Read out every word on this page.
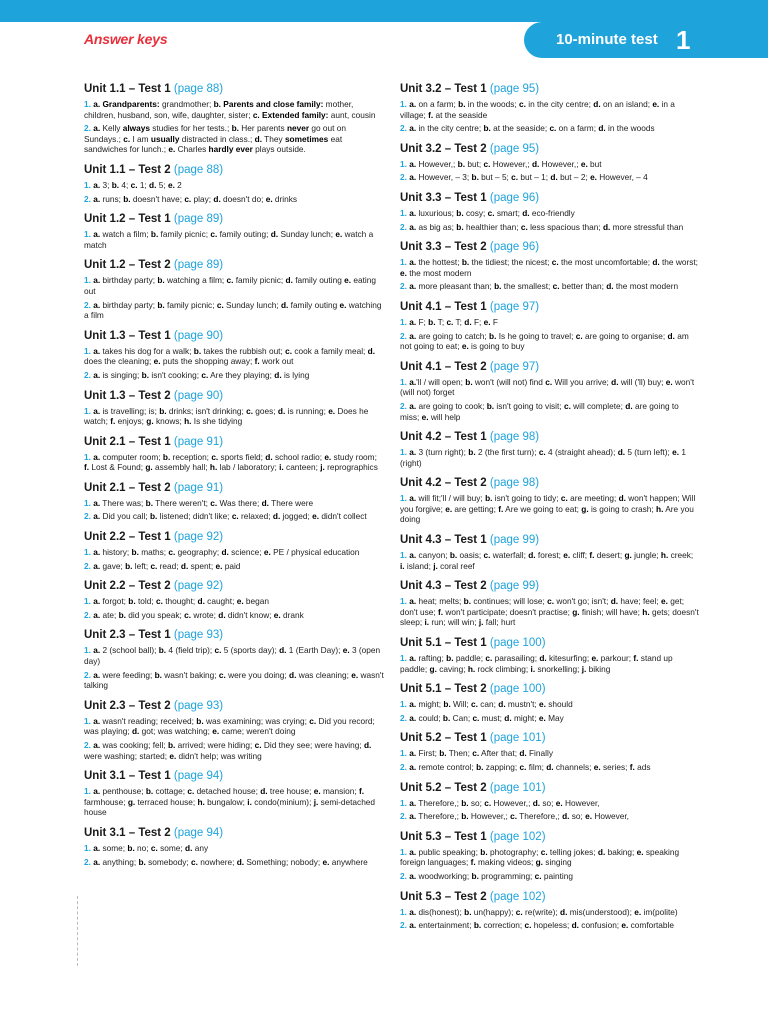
Answer keys	10-minute test 1
Unit 1.1 – Test 1 (page 88)

1. a. Grandparents: grandmother; b. Parents and close family: mother, children, husband, son, wife, daughter, sister; c. Extended family: aunt, cousin

2. a. Kelly always studies for her tests.; b. Her parents never go out on Sundays.; c. I am usually distracted in class.; d. They sometimes eat sandwiches for lunch.; e. Charles hardly ever plays outside.

Unit 1.1 – Test 2 (page 88)

1. a. 3; b. 4; c. 1; d. 5; e. 2

2. a. runs; b. doesn't have; c. play; d. doesn't do; e. drinks

Unit 1.2 – Test 1 (page 89)

1. a. watch a film; b. family picnic; c. family outing; d. Sunday lunch; e. watch a match

Unit 1.2 – Test 2 (page 89)

1. a. birthday party; b. watching a film; c. family picnic; d. family outing e. eating out

2. a. birthday party; b. family picnic; c. Sunday lunch; d. family outing e. watching a film

Unit 1.3 – Test 1 (page 90)

1. a. takes his dog for a walk; b. takes the rubbish out; c. cook a family meal; d. does the cleaning; e. puts the shopping away; f. work out

2. a. is singing; b. isn't cooking; c. Are they playing; d. is lying

Unit 1.3 – Test 2 (page 90)

1. a. is travelling; is; b. drinks; isn't drinking; c. goes; d. is running; e. Does he watch; f. enjoys; g. knows; h. Is she tidying

Unit 2.1 – Test 1 (page 91)

1. a. computer room; b. reception; c. sports field; d. school radio; e. study room; f. Lost & Found; g. assembly hall; h. lab / laboratory; i. canteen; j. reprographics

Unit 2.1 – Test 2 (page 91)

1. a. There was; b. There weren't; c. Was there; d. There were

2. a. Did you call; b. listened; didn't like; c. relaxed; d. jogged; e. didn't collect

Unit 2.2 – Test 1 (page 92)

1. a. history; b. maths; c. geography; d. science; e. PE / physical education

2. a. gave; b. left; c. read; d. spent; e. paid

Unit 2.2 – Test 2 (page 92)

1. a. forgot; b. told; c. thought; d. caught; e. began

2. a. ate; b. did you speak; c. wrote; d. didn't know; e. drank

Unit 2.3 – Test 1 (page 93)

1. a. 2 (school ball); b. 4 (field trip); c. 5 (sports day); d. 1 (Earth Day); e. 3 (open day)

2. a. were feeding; b. wasn't baking; c. were you doing; d. was cleaning; e. wasn't talking

Unit 2.3 – Test 2 (page 93)

1. a. wasn't reading; received; b. was examining; was crying; c. Did you record; was playing; d. got; was watching; e. came; weren't doing

2. a. was cooking; fell; b. arrived; were hiding; c. Did they see; were having; d. were washing; started; e. didn't help; was writing

Unit 3.1 – Test 1 (page 94)

1. a. penthouse; b. cottage; c. detached house; d. tree house; e. mansion; f. farmhouse; g. terraced house; h. bungalow; i. condo(minium); j. semi-detached house

Unit 3.1 – Test 2 (page 94)

1. a. some; b. no; c. some; d. any

2. a. anything; b. somebody; c. nowhere; d. Something; nobody; e. anywhere

Unit 3.2 – Test 1 (page 95)

1. a. on a farm; b. in the woods; c. in the city centre; d. on an island; e. in a village; f. at the seaside

2. a. in the city centre; b. at the seaside; c. on a farm; d. in the woods

Unit 3.2 – Test 2 (page 95)

1. a. However,; b. but; c. However,; d. However,; e. but

2. a. However, – 3; b. but – 5; c. but – 1; d. but – 2; e. However, – 4

Unit 3.3 – Test 1 (page 96)

1. a. luxurious; b. cosy; c. smart; d. eco-friendly

2. a. as big as; b. healthier than; c. less spacious than; d. more stressful than

Unit 3.3 – Test 2 (page 96)

1. a. the hottest; b. the tidiest; the nicest; c. the most uncomfortable; d. the worst; e. the most modern

2. a. more pleasant than; b. the smallest; c. better than; d. the most modern

Unit 4.1 – Test 1 (page 97)

1. a. F; b. T; c. T; d. F; e. F

2. a. are going to catch; b. Is he going to travel; c. are going to organise; d. am not going to eat; e. is going to buy

Unit 4.1 – Test 2 (page 97)

1. a.'ll / will open; b. won't (will not) find c. Will you arrive; d. will ('ll) buy; e. won't (will not) forget

2. a. are going to cook; b. isn't going to visit; c. will complete; d. are going to miss; e. will help

Unit 4.2 – Test 1 (page 98)

1. a. 3 (turn right); b. 2 (the first turn); c. 4 (straight ahead); d. 5 (turn left); e. 1 (right)

Unit 4.2 – Test 2 (page 98)

1. a. will fit;'ll / will buy; b. isn't going to tidy; c. are meeting; d. won't happen; Will you forgive; e. are getting; f. Are we going to eat; g. is going to crash; h. Are you doing

Unit 4.3 – Test 1 (page 99)

1. a. canyon; b. oasis; c. waterfall; d. forest; e. cliff; f. desert; g. jungle; h. creek; i. island; j. coral reef

Unit 4.3 – Test 2 (page 99)

1. a. heat; melts; b. continues; will lose; c. won't go; isn't; d. have; feel; e. get; don't use; f. won't participate; doesn't practise; g. finish; will have; h. gets; doesn't sleep; i. run; will win; j. fall; hurt

Unit 5.1 – Test 1 (page 100)

1. a. rafting; b. paddle; c. parasailing; d. kitesurfing; e. parkour; f. stand up paddle; g. caving; h. rock climbing; i. snorkelling; j. biking

Unit 5.1 – Test 2 (page 100)

1. a. might; b. Will; c. can; d. mustn't; e. should

2. a. could; b. Can; c. must; d. might; e. May

Unit 5.2 – Test 1 (page 101)

1. a. First; b. Then; c. After that; d. Finally

2. a. remote control; b. zapping; c. film; d. channels; e. series; f. ads

Unit 5.2 – Test 2 (page 101)

1. a. Therefore,; b. so; c. However,; d. so; e. However,

2. a. Therefore,; b. However,; c. Therefore,; d. so; e. However,

Unit 5.3 – Test 1 (page 102)

1. a. public speaking; b. photography; c. telling jokes; d. baking; e. speaking foreign languages; f. making videos; g. singing

2. a. woodworking; b. programming; c. painting

Unit 5.3 – Test 2 (page 102)

1. a. dis(honest); b. un(happy); c. re(write); d. mis(understood); e. im(polite)

2. a. entertainment; b. correction; c. hopeless; d. confusion; e. comfortable
